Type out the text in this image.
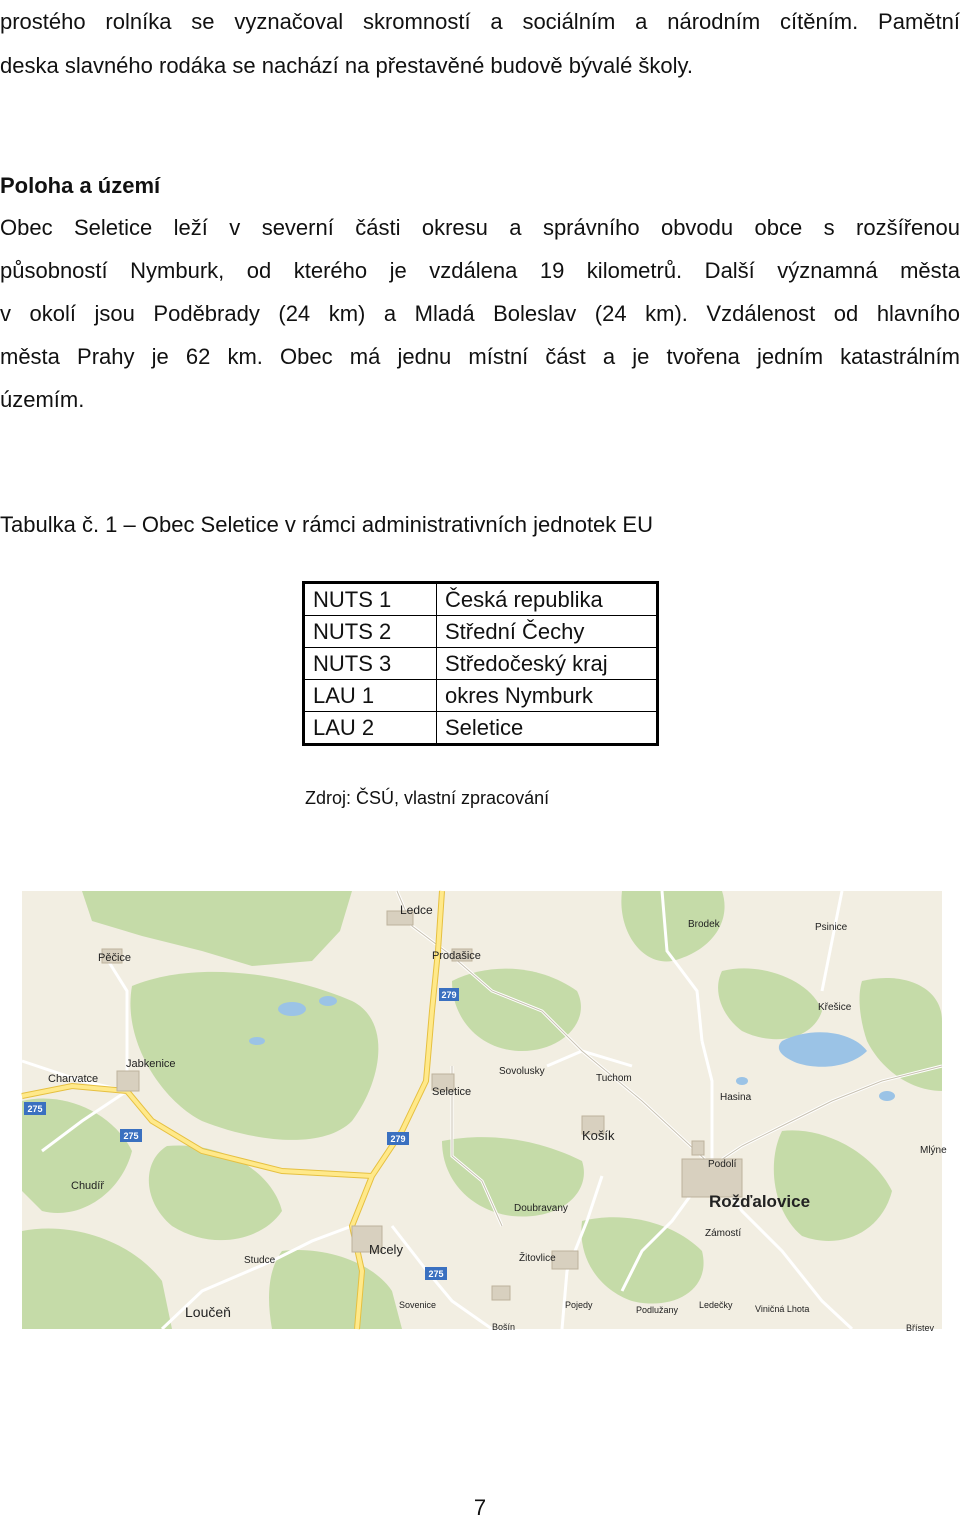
prostého rolníka se vyznačoval skromností a sociálním a národním cítěním. Pamětní
deska slavného rodáka se nachází na přestavěné budově bývalé školy.
Poloha a území
Obec Seletice leží v severní části okresu a správního obvodu obce s rozšířenou
působností Nymburk, od kterého je vzdálena 19 kilometrů. Další významná města
v okolí jsou Poděbrady (24 km) a Mladá Boleslav (24 km). Vzdálenost od hlavního
města Prahy je 62 km. Obec má jednu místní část a je tvořena jedním katastrálním
územím.

Tabulka č. 1 – Obec Seletice v rámci administrativních jednotek EU

NUTS 1	Česká republika
NUTS 2	Střední Čechy
NUTS 3	Středočeský kraj
LAU 1	okres Nymburk
LAU 2	Seletice

Zdroj: ČSÚ, vlastní zpracování

279
275
275	279
275
Ledce
Pěčice	Prodašice
Brodek	Psinice
Křešice
Jabkenice
Charvatce
Sovolusky
Tuchom
Seletice	Hasina
Košík
Mlýne
Podolí
Chudíř
Rožďalovice
Doubravany
Zámostí
Studce
Mcely
Žitovlice
Loučeň	Sovenice	Pojedy	Podlužany Ledečky Viničná Lhota
Břístev
Bošín

7
